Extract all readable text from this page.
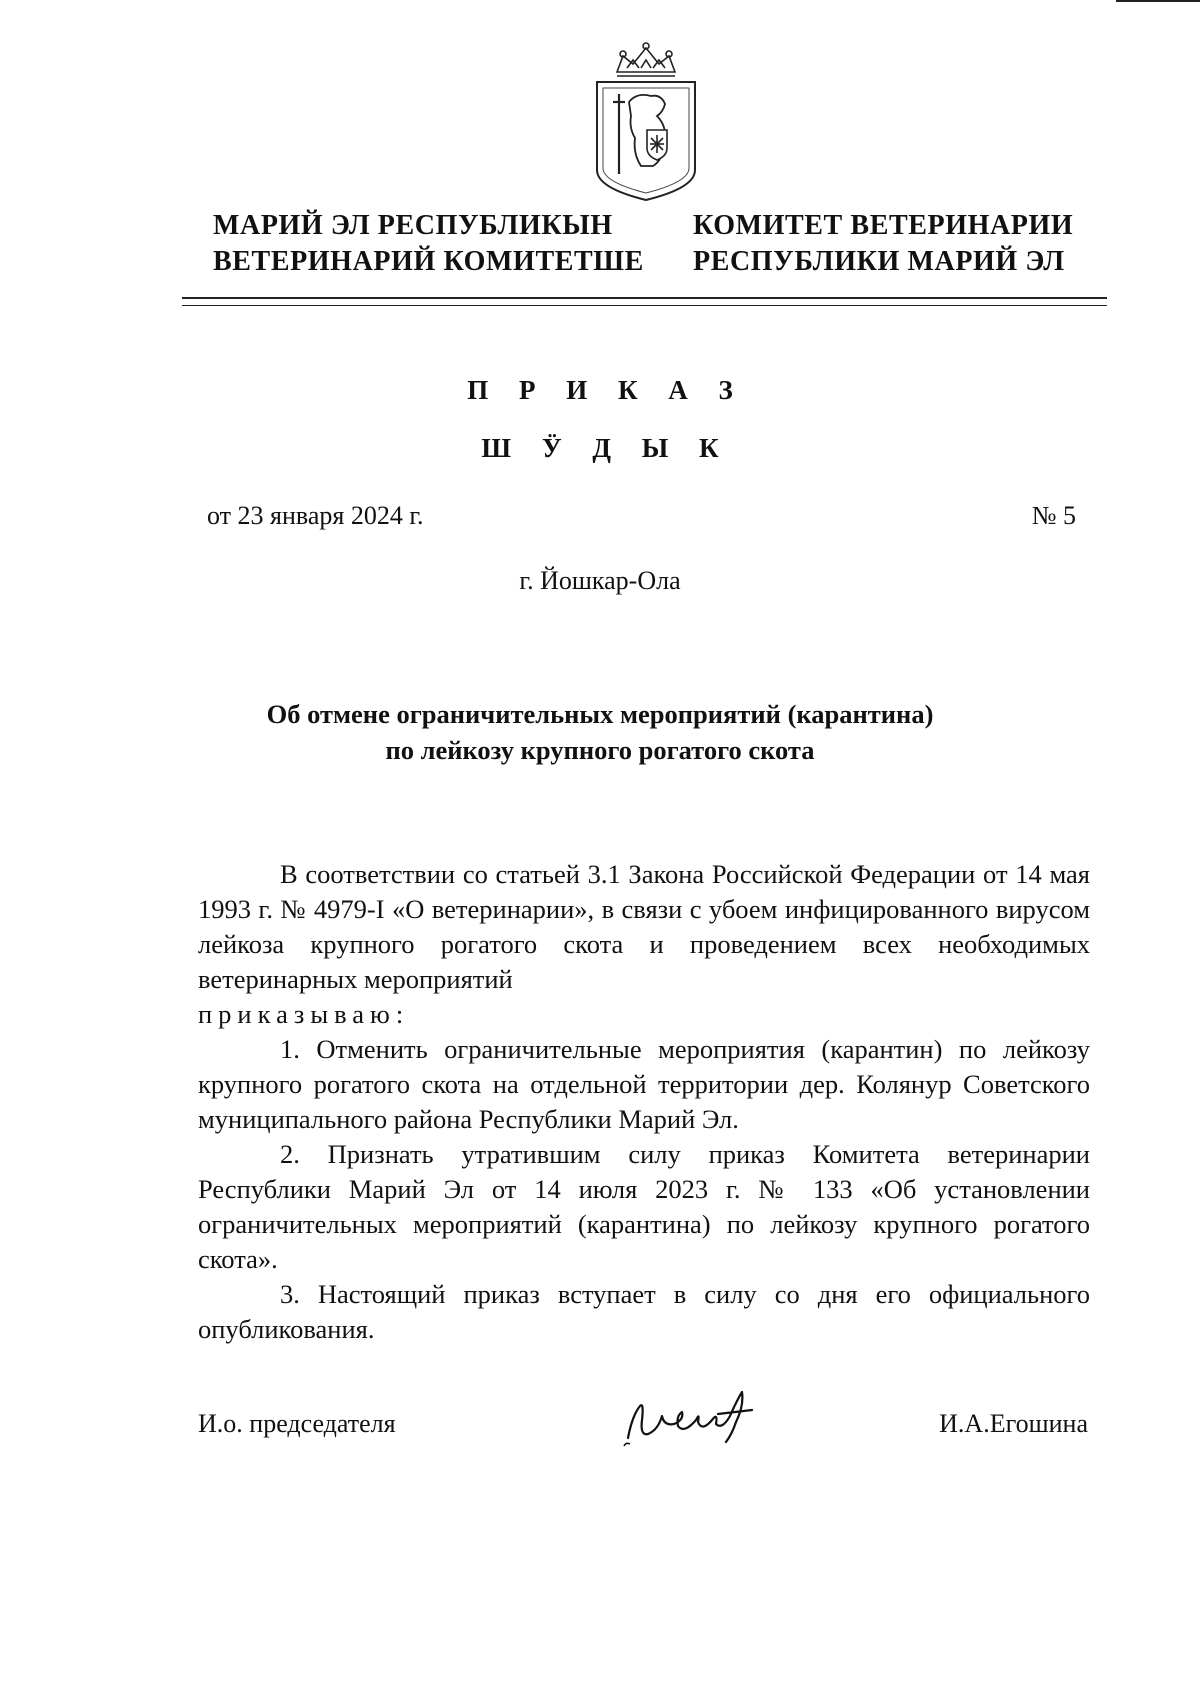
МАРИЙ ЭЛ РЕСПУБЛИКЫН
ВЕТЕРИНАРИЙ КОМИТЕТШЕ
КОМИТЕТ ВЕТЕРИНАРИИ
РЕСПУБЛИКИ МАРИЙ ЭЛ
П Р И К А З
Ш Ӱ Д Ы К
от 23 января 2024 г.	№ 5
г. Йошкар-Ола
Об отмене ограничительных мероприятий (карантина)
по лейкозу крупного рогатого скота

В соответствии со статьей 3.1 Закона Российской Федерации от 14 мая 1993 г. № 4979-I «О ветеринарии», в связи с убоем инфицированного вирусом лейкоза крупного рогатого скота и проведением всех необходимых ветеринарных мероприятий

приказываю:

1. Отменить ограничительные мероприятия (карантин) по лейкозу крупного рогатого скота на отдельной территории дер. Колянур Советского муниципального района Республики Марий Эл.

2. Признать утратившим силу приказ Комитета ветеринарии Республики Марий Эл от 14 июля 2023 г. № 133 «Об установлении ограничительных мероприятий (карантина) по лейкозу крупного рогатого скота».

3. Настоящий приказ вступает в силу со дня его официального опубликования.

И.о. председателя	И.А.Егошина
